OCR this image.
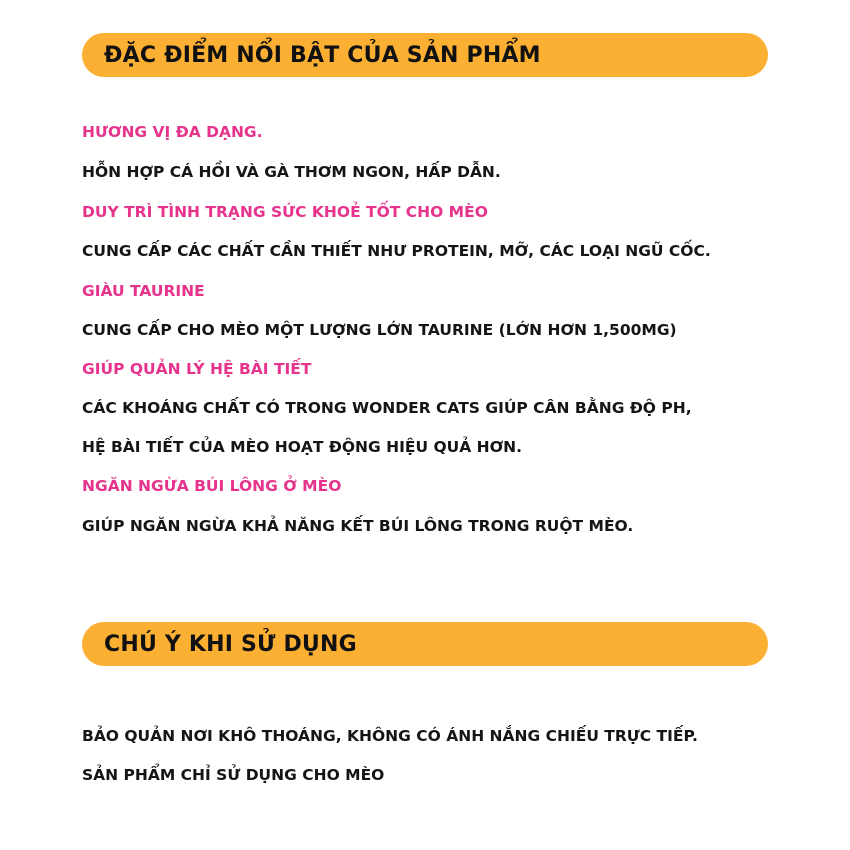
ĐẶC ĐIỂM NỔI BẬT CỦA SẢN PHẨM
HƯƠNG VỊ ĐA DẠNG.
HỖN HỢP CÁ HỒI VÀ GÀ THƠM NGON, HẤP DẪN.
DUY TRÌ TÌNH TRẠNG SỨC KHOẺ TỐT CHO MÈO
CUNG CẤP CÁC CHẤT CẦN THIẾT NHƯ PROTEIN, MỠ, CÁC LOẠI NGŨ CỐC.
GIÀU TAURINE
CUNG CẤP CHO MÈO MỘT LƯỢNG LỚN TAURINE (LỚN HƠN 1,500MG)
GIÚP QUẢN LÝ HỆ BÀI TIẾT
CÁC KHOÁNG CHẤT CÓ TRONG WONDER CATS GIÚP CÂN BẰNG ĐỘ PH,
HỆ BÀI TIẾT CỦA MÈO HOẠT ĐỘNG HIỆU QUẢ HƠN.
NGĂN NGỪA BÚI LÔNG Ở MÈO
GIÚP NGĂN NGỪA KHẢ NĂNG KẾT BÚI LÔNG TRONG RUỘT MÈO.
CHÚ Ý KHI SỬ DỤNG
BẢO QUẢN NƠI KHÔ THOÁNG, KHÔNG CÓ ÁNH NẮNG CHIẾU TRỰC TIẾP.
SẢN PHẨM CHỈ SỬ DỤNG CHO MÈO
